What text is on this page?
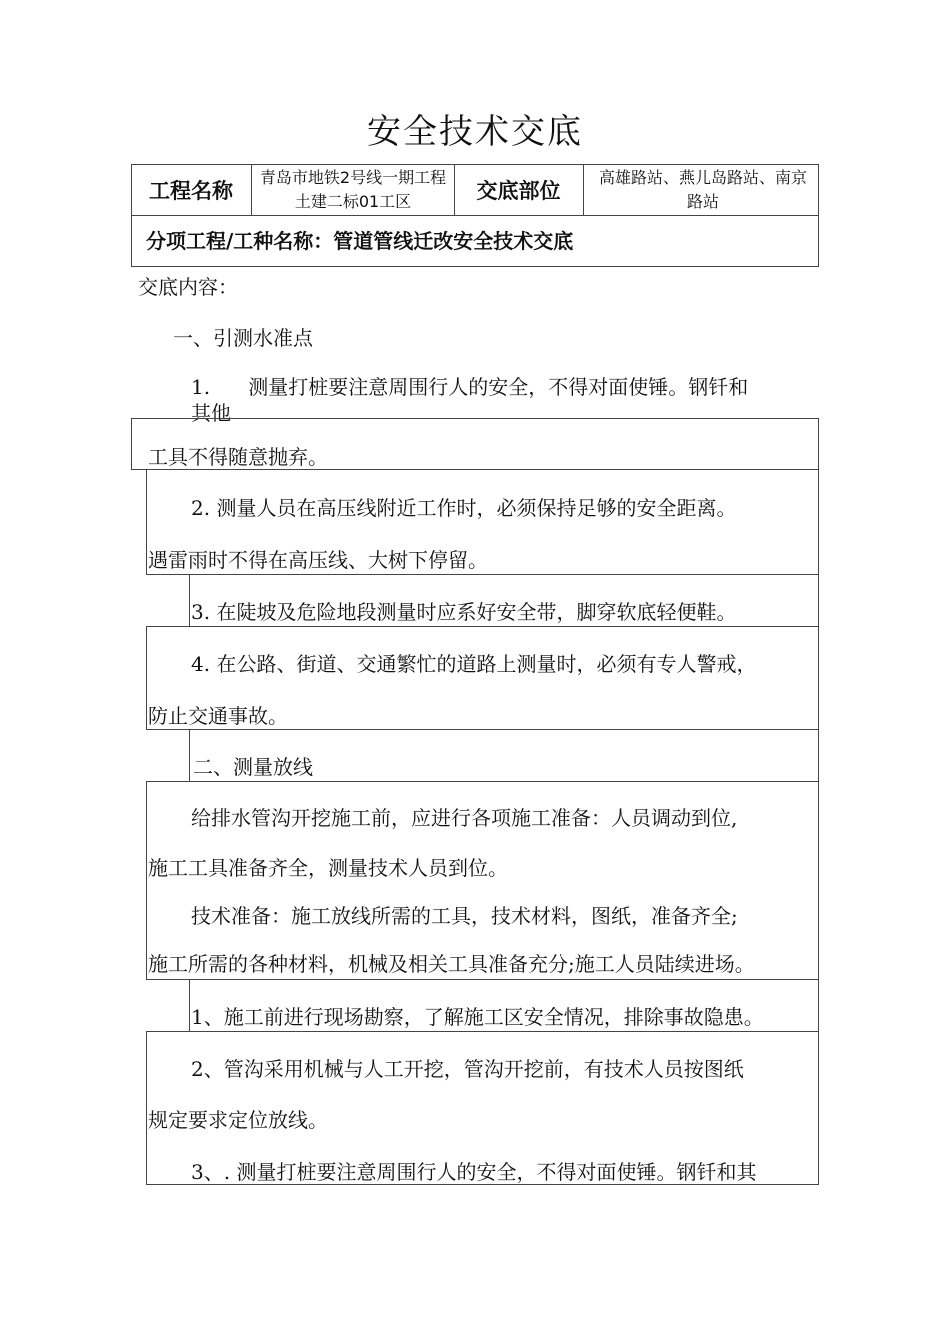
安全技术交底
工程名称
青岛市地铁2号线一期工程土建二标01工区	交底部位
高雄路站、燕儿岛路站、南京路站
分项工程/工种名称：管道管线迁改安全技术交底
交底内容：
一、引测水准点
1.      测量打桩要注意周围行人的安全，不得对面使锤。钢钎和
其他
工具不得随意抛弃。
2. 测量人员在高压线附近工作时，必须保持足够的安全距离。
遇雷雨时不得在高压线、大树下停留。
3. 在陡坡及危险地段测量时应系好安全带，脚穿软底轻便鞋。
4. 在公路、街道、交通繁忙的道路上测量时，必须有专人警戒，
防止交通事故。
二、测量放线
给排水管沟开挖施工前，应进行各项施工准备：人员调动到位,
施工工具准备齐全，测量技术人员到位。
技术准备：施工放线所需的工具，技术材料，图纸，准备齐全;
施工所需的各种材料，机械及相关工具准备充分;施工人员陆续进场。
1、施工前进行现场勘察，了解施工区安全情况，排除事故隐患。
2、管沟采用机械与人工开挖，管沟开挖前，有技术人员按图纸
规定要求定位放线。
3、. 测量打桩要注意周围行人的安全，不得对面使锤。钢钎和其
